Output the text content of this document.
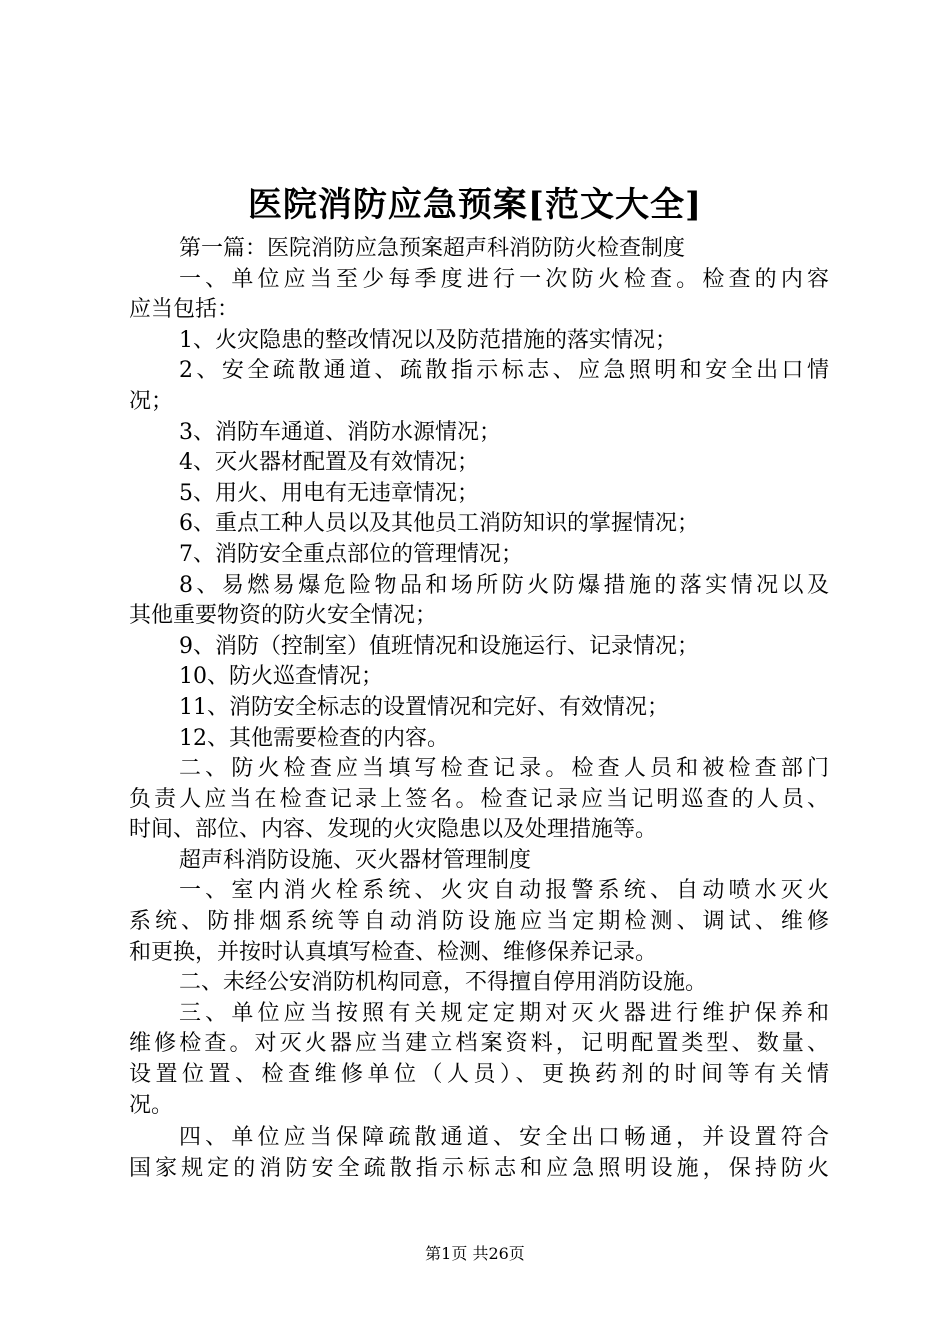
医院消防应急预案[范文大全]
第一篇：医院消防应急预案超声科消防防火检查制度
一、单位应当至少每季度进行一次防火检查。检查的内容
应当包括：
1、火灾隐患的整改情况以及防范措施的落实情况；
2、安全疏散通道、疏散指示标志、应急照明和安全出口情
况；
3、消防车通道、消防水源情况；
4、灭火器材配置及有效情况；
5、用火、用电有无违章情况；
6、重点工种人员以及其他员工消防知识的掌握情况；
7、消防安全重点部位的管理情况；
8、易燃易爆危险物品和场所防火防爆措施的落实情况以及
其他重要物资的防火安全情况；
9、消防（控制室）值班情况和设施运行、记录情况；
10、防火巡查情况；
11、消防安全标志的设置情况和完好、有效情况；
12、其他需要检查的内容。
二、防火检查应当填写检查记录。检查人员和被检查部门
负责人应当在检查记录上签名。检查记录应当记明巡查的人员、
时间、部位、内容、发现的火灾隐患以及处理措施等。
超声科消防设施、灭火器材管理制度
一、室内消火栓系统、火灾自动报警系统、自动喷水灭火
系统、防排烟系统等自动消防设施应当定期检测、调试、维修
和更换，并按时认真填写检查、检测、维修保养记录。
二、未经公安消防机构同意，不得擅自停用消防设施。
三、单位应当按照有关规定定期对灭火器进行维护保养和
维修检查。对灭火器应当建立档案资料，记明配置类型、数量、
设置位置、检查维修单位（人员）、更换药剂的时间等有关情
况。
四、单位应当保障疏散通道、安全出口畅通，并设置符合
国家规定的消防安全疏散指示标志和应急照明设施，保持防火
第1页 共26页
